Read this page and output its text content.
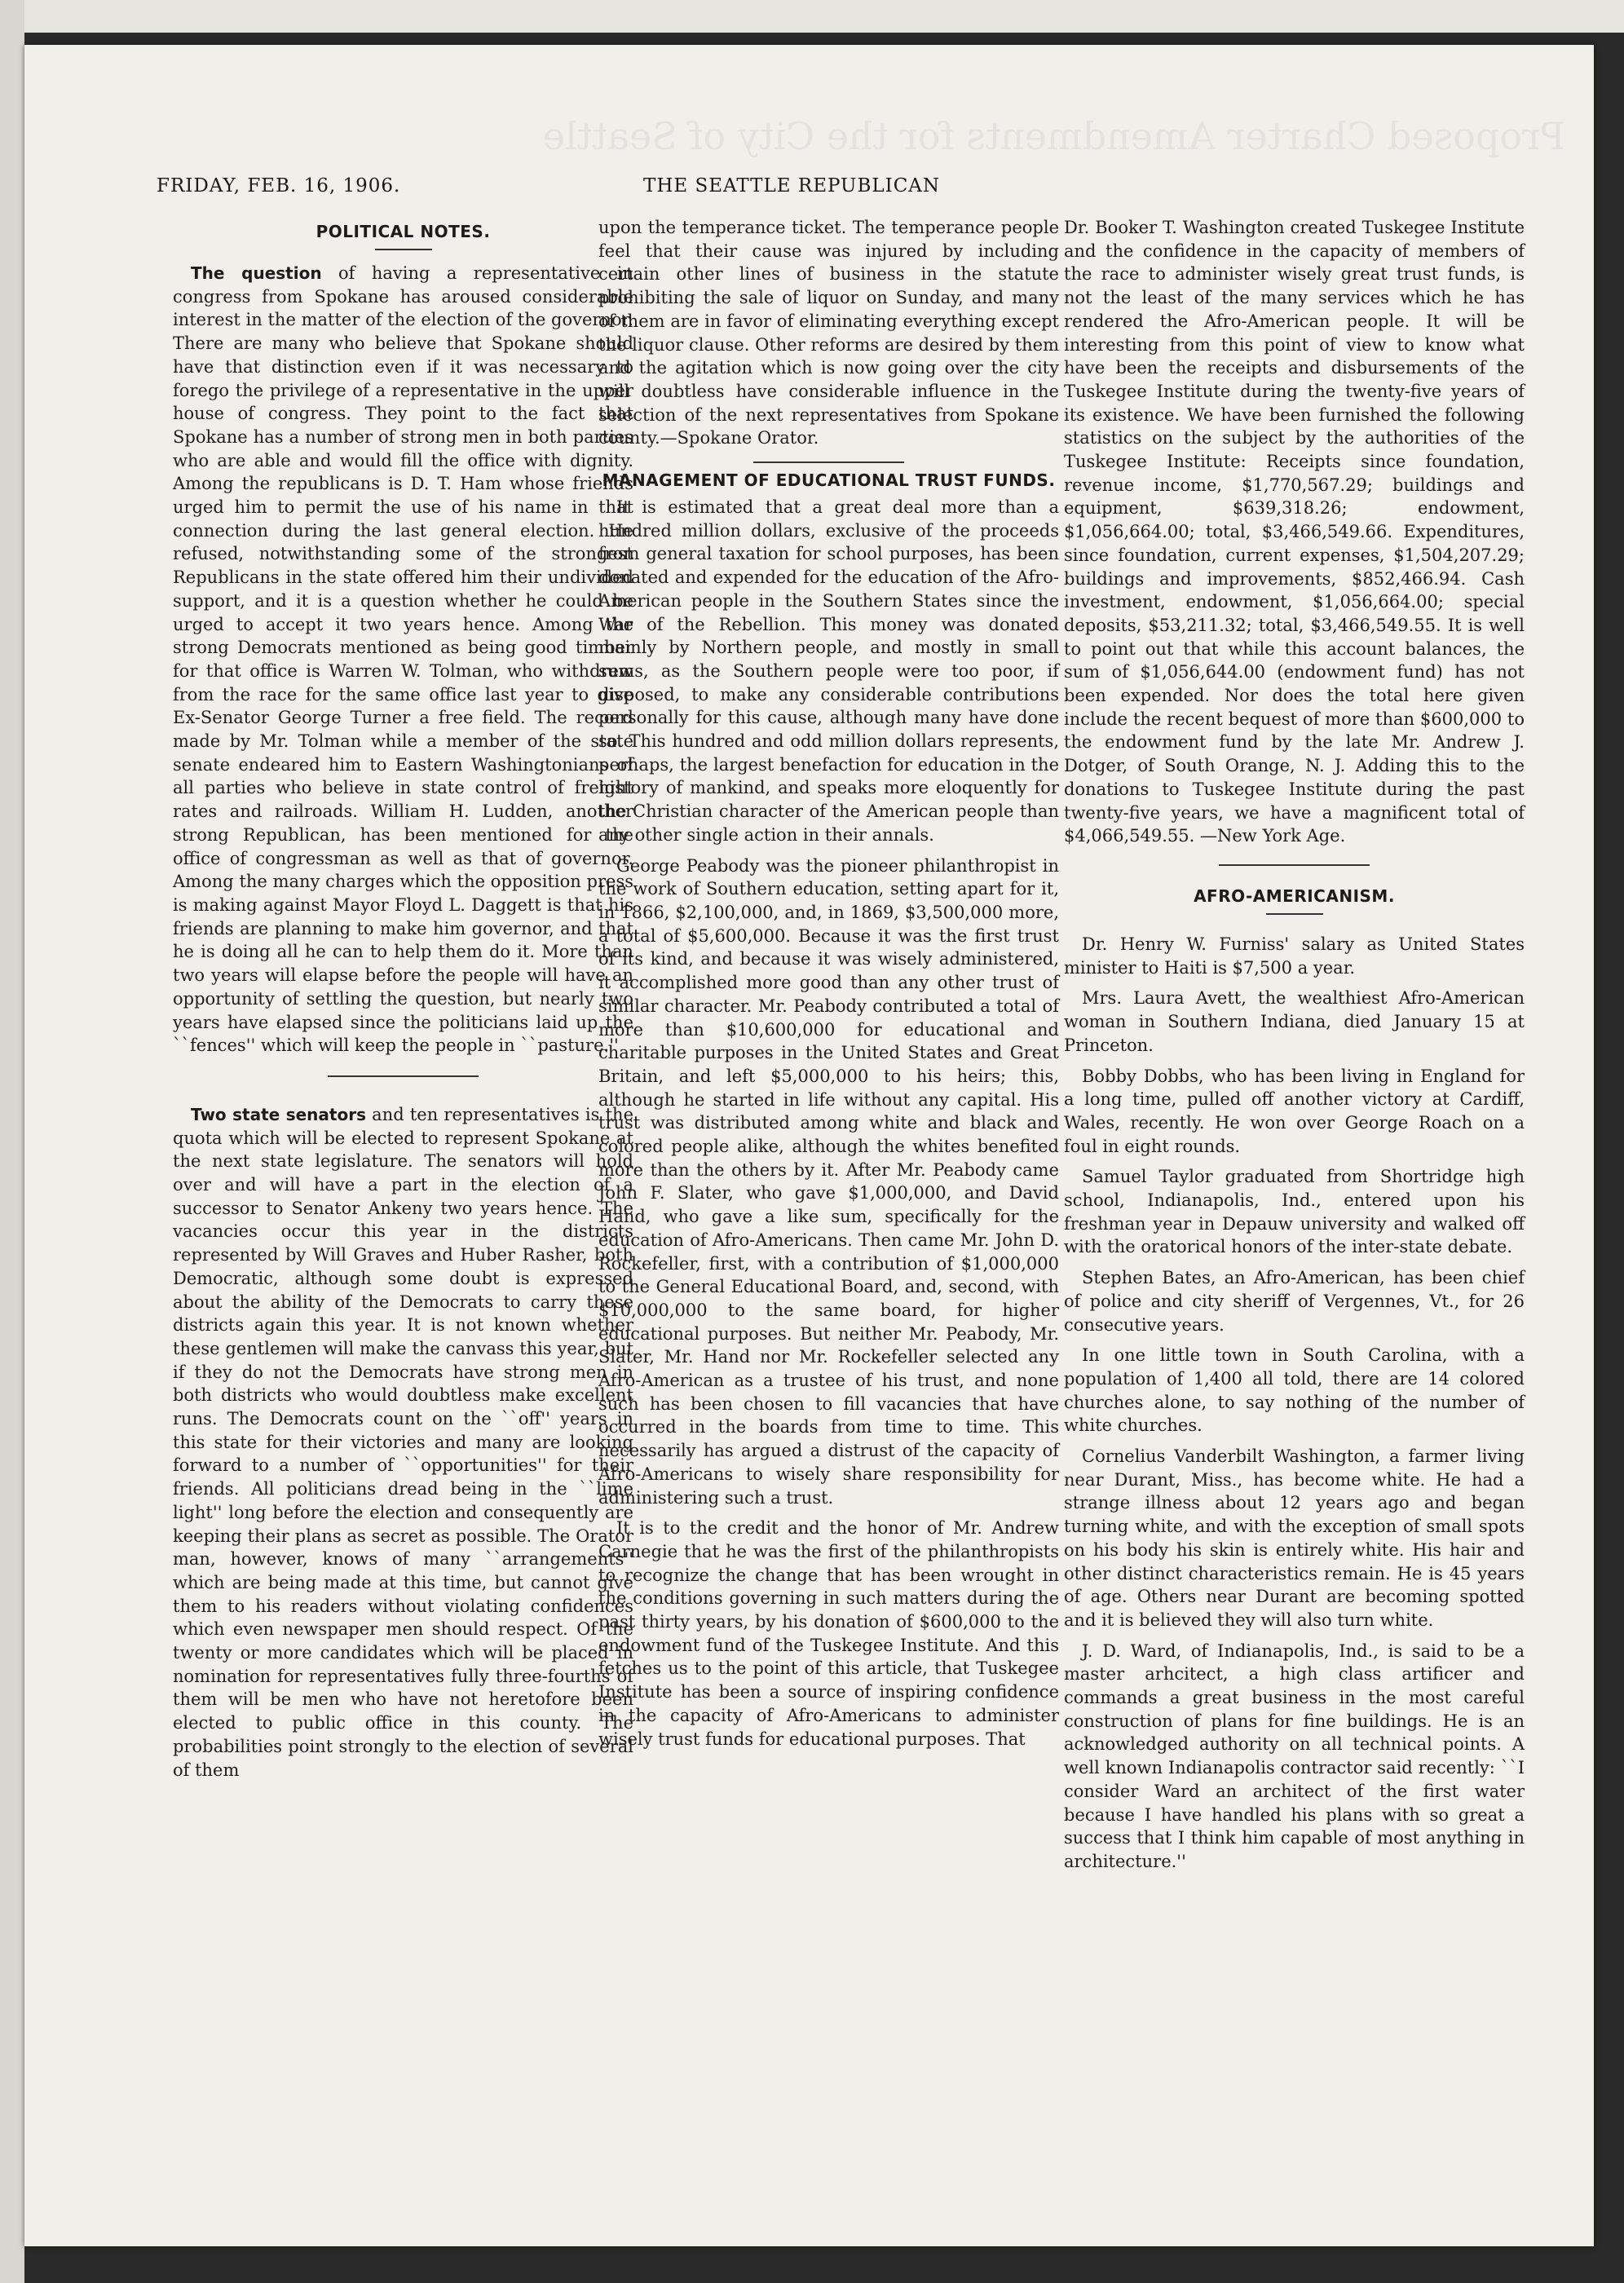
Proposed Charter Amendments for the City of Seattle
FRIDAY, FEB. 16, 1906.	THE SEATTLE REPUBLICAN
POLITICAL NOTES.

The question of having a representative in congress from Spokane has aroused considerable interest in the matter of the election of the governor. There are many who believe that Spokane should have that distinction even if it was necessary to forego the privilege of a representative in the upper house of congress. They point to the fact that Spokane has a number of strong men in both parties who are able and would fill the office with dignity. Among the republicans is D. T. Ham whose friends urged him to permit the use of his name in that connection during the last general election. He refused, notwithstanding some of the strongest Republicans in the state offered him their undivided support, and it is a question whether he could be urged to accept it two years hence. Among the strong Democrats mentioned as being good timber for that office is Warren W. Tolman, who withdrew from the race for the same office last year to give Ex-Senator George Turner a free field. The record made by Mr. Tolman while a member of the state senate endeared him to Eastern Washingtonians of all parties who believe in state control of freight rates and railroads. William H. Ludden, another strong Republican, has been mentioned for the office of congressman as well as that of governor. Among the many charges which the opposition press is making against Mayor Floyd L. Daggett is that his friends are planning to make him governor, and that he is doing all he can to help them do it. More than two years will elapse before the people will have an opportunity of settling the question, but nearly two years have elapsed since the politicians laid up the ``fences'' which will keep the people in ``pasture.''

Two state senators and ten representatives is the quota which will be elected to represent Spokane at the next state legislature. The senators will hold over and will have a part in the election of a successor to Senator Ankeny two years hence. The vacancies occur this year in the districts represented by Will Graves and Huber Rasher, both Democratic, although some doubt is expressed about the ability of the Democrats to carry these districts again this year. It is not known whether these gentlemen will make the canvass this year, but if they do not the Democrats have strong men in both districts who would doubtless make excellent runs. The Democrats count on the ``off'' years in this state for their victories and many are looking forward to a number of ``opportunities'' for their friends. All politicians dread being in the ``lime light'' long before the election and consequently are keeping their plans as secret as possible. The Orator man, however, knows of many ``arrangements'' which are being made at this time, but cannot give them to his readers without violating confidences which even newspaper men should respect. Of the twenty or more candidates which will be placed in nomination for representatives fully three-fourths of them will be men who have not heretofore been elected to public office in this county. The probabilities point strongly to the election of several of them

upon the temperance ticket. The temperance people feel that their cause was injured by including certain other lines of business in the statute prohibiting the sale of liquor on Sunday, and many of them are in favor of eliminating everything except the liquor clause. Other reforms are desired by them and the agitation which is now going over the city will doubtless have considerable influence in the selection of the next representatives from Spokane county.—Spokane Orator.

MANAGEMENT OF EDUCATIONAL TRUST FUNDS.

It is estimated that a great deal more than a hundred million dollars, exclusive of the proceeds from general taxation for school purposes, has been donated and expended for the education of the Afro-American people in the Southern States since the War of the Rebellion. This money was donated mainly by Northern people, and mostly in small sums, as the Southern people were too poor, if disposed, to make any considerable contributions personally for this cause, although many have done so. This hundred and odd million dollars represents, perhaps, the largest benefaction for education in the history of mankind, and speaks more eloquently for the Christian character of the American people than any other single action in their annals.

George Peabody was the pioneer philanthropist in the work of Southern education, setting apart for it, in 1866, $2,100,000, and, in 1869, $3,500,000 more, a total of $5,600,000. Because it was the first trust of its kind, and because it was wisely administered, it accomplished more good than any other trust of similar character. Mr. Peabody contributed a total of more than $10,600,000 for educational and charitable purposes in the United States and Great Britain, and left $5,000,000 to his heirs; this, although he started in life without any capital. His trust was distributed among white and black and colored people alike, although the whites benefited more than the others by it. After Mr. Peabody came John F. Slater, who gave $1,000,000, and David Hand, who gave a like sum, specifically for the education of Afro-Americans. Then came Mr. John D. Rockefeller, first, with a contribution of $1,000,000 to the General Educational Board, and, second, with $10,000,000 to the same board, for higher educational purposes. But neither Mr. Peabody, Mr. Slater, Mr. Hand nor Mr. Rockefeller selected any Afro-American as a trustee of his trust, and none such has been chosen to fill vacancies that have occurred in the boards from time to time. This necessarily has argued a distrust of the capacity of Afro-Americans to wisely share responsibility for administering such a trust.

It is to the credit and the honor of Mr. Andrew Carnegie that he was the first of the philanthropists to recognize the change that has been wrought in the conditions governing in such matters during the past thirty years, by his donation of $600,000 to the endowment fund of the Tuskegee Institute. And this fetches us to the point of this article, that Tuskegee Institute has been a source of inspiring confidence in the capacity of Afro-Americans to administer wisely trust funds for educational purposes. That

Dr. Booker T. Washington created Tuskegee Institute and the confidence in the capacity of members of the race to administer wisely great trust funds, is not the least of the many services which he has rendered the Afro-American people. It will be interesting from this point of view to know what have been the receipts and disbursements of the Tuskegee Institute during the twenty-five years of its existence. We have been furnished the following statistics on the subject by the authorities of the Tuskegee Institute: Receipts since foundation, revenue income, $1,770,567.29; buildings and equipment, $639,318.26; endowment, $1,056,664.00; total, $3,466,549.66. Expenditures, since foundation, current expenses, $1,504,207.29; buildings and improvements, $852,466.94. Cash investment, endowment, $1,056,664.00; special deposits, $53,211.32; total, $3,466,549.55. It is well to point out that while this account balances, the sum of $1,056,644.00 (endowment fund) has not been expended. Nor does the total here given include the recent bequest of more than $600,000 to the endowment fund by the late Mr. Andrew J. Dotger, of South Orange, N. J. Adding this to the donations to Tuskegee Institute during the past twenty-five years, we have a magnificent total of $4,066,549.55. —New York Age.

AFRO-AMERICANISM.

Dr. Henry W. Furniss' salary as United States minister to Haiti is $7,500 a year.

Mrs. Laura Avett, the wealthiest Afro-American woman in Southern Indiana, died January 15 at Princeton.

Bobby Dobbs, who has been living in England for a long time, pulled off another victory at Cardiff, Wales, recently. He won over George Roach on a foul in eight rounds.

Samuel Taylor graduated from Shortridge high school, Indianapolis, Ind., entered upon his freshman year in Depauw university and walked off with the oratorical honors of the inter-state debate.

Stephen Bates, an Afro-American, has been chief of police and city sheriff of Vergennes, Vt., for 26 consecutive years.

In one little town in South Carolina, with a population of 1,400 all told, there are 14 colored churches alone, to say nothing of the number of white churches.

Cornelius Vanderbilt Washington, a farmer living near Durant, Miss., has become white. He had a strange illness about 12 years ago and began turning white, and with the exception of small spots on his body his skin is entirely white. His hair and other distinct characteristics remain. He is 45 years of age. Others near Durant are becoming spotted and it is believed they will also turn white.

J. D. Ward, of Indianapolis, Ind., is said to be a master arhcitect, a high class artificer and commands a great business in the most careful construction of plans for fine buildings. He is an acknowledged authority on all technical points. A well known Indianapolis contractor said recently: ``I consider Ward an architect of the first water because I have handled his plans with so great a success that I think him capable of most anything in architecture.''
